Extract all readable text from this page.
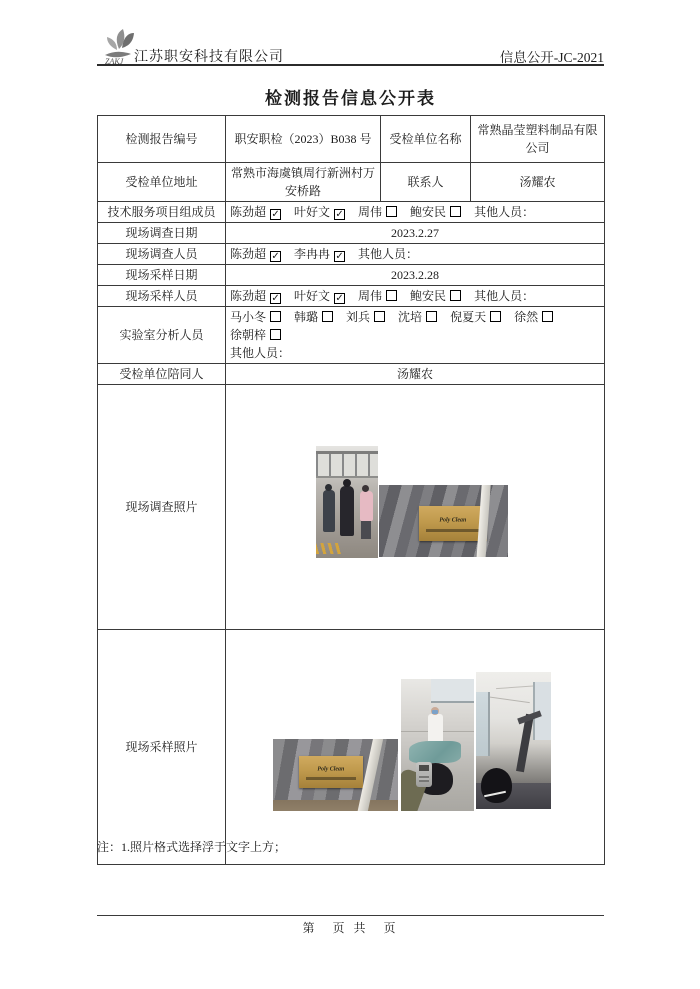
ZAKJ 江苏职安科技有限公司	信息公开-JC-2021
检测报告信息公开表
检测报告编号	职安职检（2023）B038 号	受检单位名称	常熟晶莹塑料制品有限公司
受检单位地址	常熟市海虞镇周行新洲村万安桥路	联系人	汤耀农
技术服务项目组成员	陈劲超 ✓ 叶好文 ✓ 周伟 鲍安民 其他人员：		
现场调查日期	2023.2.27		
现场调查人员	陈劲超 ✓ 李冉冉 ✓ 其他人员：		
现场采样日期	2023.2.28		
现场采样人员	陈劲超 ✓ 叶好文 ✓ 周伟 鲍安民 其他人员：		
实验室分析人员	马小冬 韩璐 刘兵 沈培 倪夏天 徐然徐朝梓
其他人员：		

受检单位陪同人	汤耀农		
现场调查照片	Poly Clean		

现场采样照片	Poly Clean		
注：1.照片格式选择浮于文字上方；
第　页 共　页
